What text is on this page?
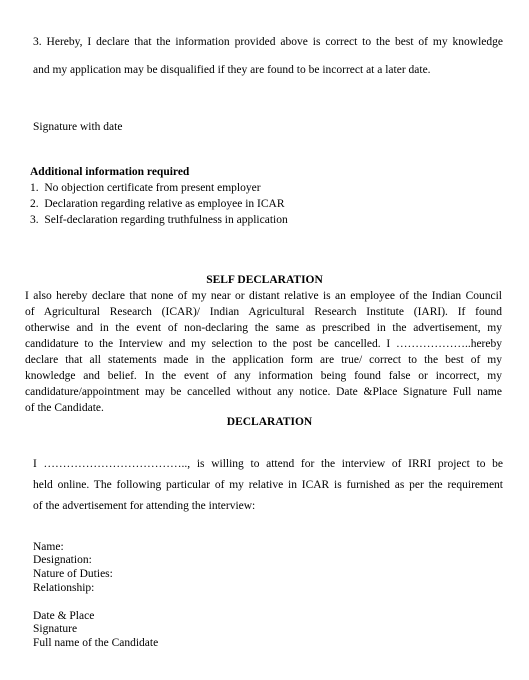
3. Hereby, I declare that the information provided above is correct to the best of my knowledge
and my application may be disqualified if they are found to be incorrect at a later date.
Signature with date
Additional information required
1.  No objection certificate from present employer
2.  Declaration regarding relative as employee in ICAR
3.  Self-declaration regarding truthfulness in application
SELF DECLARATION
I also hereby declare that none of my near or distant relative is an employee of the Indian Council
of Agricultural Research (ICAR)/ Indian Agricultural Research Institute (IARI). If found
otherwise and in the event of non-declaring the same as prescribed in the advertisement, my
candidature to the Interview and my selection to the post be cancelled. I ………………..hereby
declare that all statements made in the application form are true/ correct to the best of my
knowledge and belief. In the event of any information being found false or incorrect, my
candidature/appointment may be cancelled without any notice. Date &Place Signature Full name
of the Candidate.
DECLARATION
I ……………………………….., is willing to attend for the interview of IRRI project to be
held online. The following particular of my relative in ICAR is furnished as per the requirement
of the advertisement for attending the interview:
Name:
Designation:
Nature of Duties:
Relationship:
Date & Place
Signature
Full name of the Candidate
